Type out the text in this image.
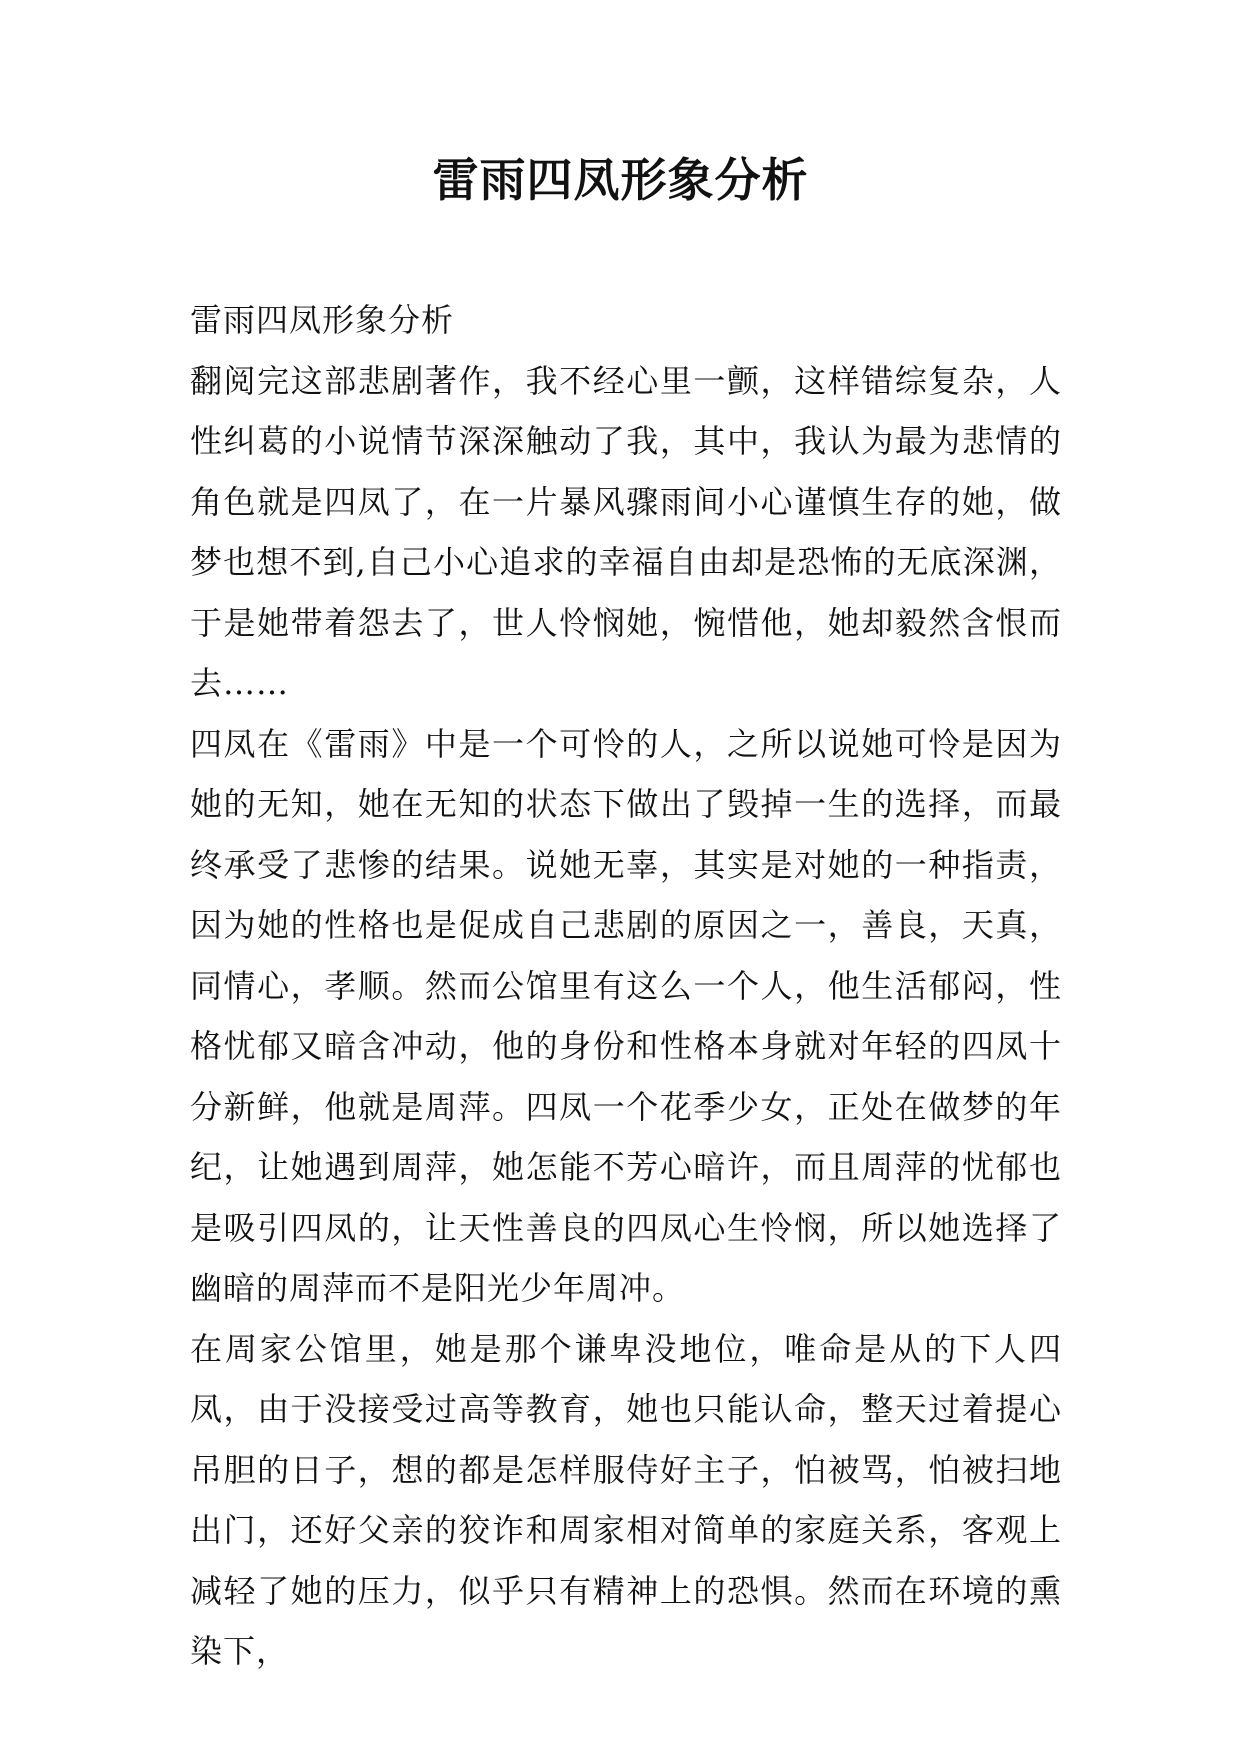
雷雨四凤形象分析

雷雨四凤形象分析

翻阅完这部悲剧著作，我不经心里一颤，这样错综复杂，人性纠葛的小说情节深深触动了我，其中，我认为最为悲情的角色就是四凤了，在一片暴风骤雨间小心谨慎生存的她，做梦也想不到,自己小心追求的幸福自由却是恐怖的无底深渊，于是她带着怨去了，世人怜悯她，惋惜他，她却毅然含恨而去……

四凤在《雷雨》中是一个可怜的人，之所以说她可怜是因为她的无知，她在无知的状态下做出了毁掉一生的选择，而最终承受了悲惨的结果。说她无辜，其实是对她的一种指责，因为她的性格也是促成自己悲剧的原因之一，善良，天真，同情心，孝顺。然而公馆里有这么一个人，他生活郁闷，性格忧郁又暗含冲动，他的身份和性格本身就对年轻的四凤十分新鲜，他就是周萍。四凤一个花季少女，正处在做梦的年纪，让她遇到周萍，她怎能不芳心暗许，而且周萍的忧郁也是吸引四凤的，让天性善良的四凤心生怜悯，所以她选择了幽暗的周萍而不是阳光少年周冲。

在周家公馆里，她是那个谦卑没地位，唯命是从的下人四凤，由于没接受过高等教育，她也只能认命，整天过着提心吊胆的日子，想的都是怎样服侍好主子，怕被骂，怕被扫地出门，还好父亲的狡诈和周家相对简单的家庭关系，客观上减轻了她的压力，似乎只有精神上的恐惧。然而在环境的熏染下，
